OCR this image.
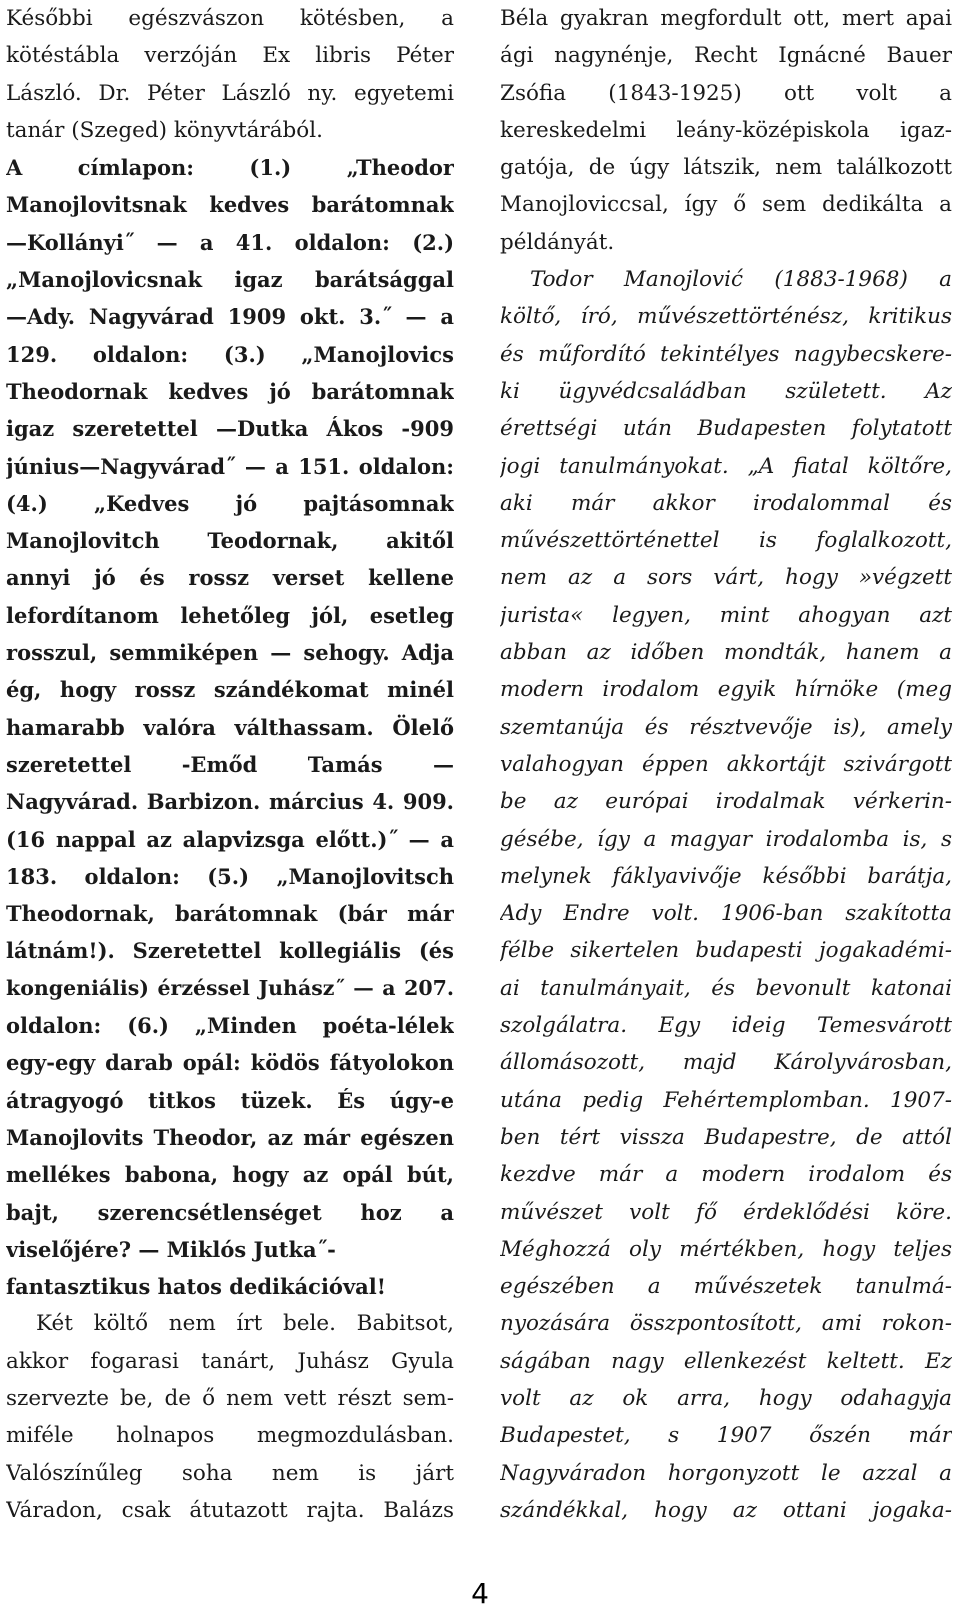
Későbbi egészvászon kötésben, a
kötéstábla verzóján Ex libris Péter
László. Dr. Péter László ny. egyetemi
tanár (Szeged) könyvtárából.
A címlapon: (1.) „Theodor
Manojlovitsnak kedves barátomnak
—Kollányi˝ — a 41. oldalon: (2.)
„Manojlovicsnak igaz barátsággal
—Ady. Nagyvárad 1909 okt. 3.˝ — a
129. oldalon: (3.) „Manojlovics
Theodornak kedves jó barátomnak
igaz szeretettel —Dutka Ákos -909
június—Nagyvárad˝ — a 151. oldalon:
(4.) „Kedves jó pajtásomnak
Manojlovitch Teodornak, akitől
annyi jó és rossz verset kellene
lefordítanom lehetőleg jól, esetleg
rosszul, semmiképen — sehogy. Adja
ég, hogy rossz szándékomat minél
hamarabb valóra válthassam. Ölelő
szeretettel -Emőd Tamás —
Nagyvárad. Barbizon. március 4. 909.
(16 nappal az alapvizsga előtt.)˝ — a
183. oldalon: (5.) „Manojlovitsch
Theodornak, barátomnak (bár már
látnám!). Szeretettel kollegiális (és
kongeniális) érzéssel Juhász˝ — a 207.
oldalon: (6.) „Minden poéta-lélek
egy-egy darab opál: ködös fátyolokon
átragyogó titkos tüzek. És úgy-e
Manojlovits Theodor, az már egészen
mellékes babona, hogy az opál bút,
bajt, szerencsétlenséget hoz a
viselőjére? — Miklós Jutka˝-
fantasztikus hatos dedikációval!
Két költő nem írt bele. Babitsot,
akkor fogarasi tanárt, Juhász Gyula
szervezte be, de ő nem vett részt sem-
miféle holnapos megmozdulásban.
Valószínűleg soha nem is járt
Váradon, csak átutazott rajta. Balázs
Béla gyakran megfordult ott, mert apai
ági nagynénje, Recht Ignácné Bauer
Zsófia (1843-1925) ott volt a
kereskedelmi leány-középiskola igaz-
gatója, de úgy látszik, nem találkozott
Manojloviccsal, így ő sem dedikálta a
példányát.
Todor Manojlović (1883-1968) a
költő, író, művészettörténész, kritikus
és műfordító tekintélyes nagybecskere-
ki ügyvédcsaládban született. Az
érettségi után Budapesten folytatott
jogi tanulmányokat. „A fiatal költőre,
aki már akkor irodalommal és
művészettörténettel is foglalkozott,
nem az a sors várt, hogy »végzett
jurista« legyen, mint ahogyan azt
abban az időben mondták, hanem a
modern irodalom egyik hírnöke (meg
szemtanúja és résztvevője is), amely
valahogyan éppen akkortájt szivárgott
be az európai irodalmak vérkerin-
gésébe, így a magyar irodalomba is, s
melynek fáklyavivője későbbi barátja,
Ady Endre volt. 1906-ban szakította
félbe sikertelen budapesti jogakadémi-
ai tanulmányait, és bevonult katonai
szolgálatra. Egy ideig Temesvárott
állomásozott, majd Károlyvárosban,
utána pedig Fehértemplomban. 1907-
ben tért vissza Budapestre, de attól
kezdve már a modern irodalom és
művészet volt fő érdeklődési köre.
Méghozzá oly mértékben, hogy teljes
egészében a művészetek tanulmá-
nyozására összpontosított, ami rokon-
ságában nagy ellenkezést keltett. Ez
volt az ok arra, hogy odahagyja
Budapestet, s 1907 őszén már
Nagyváradon horgonyzott le azzal a
szándékkal, hogy az ottani jogaka-
4
